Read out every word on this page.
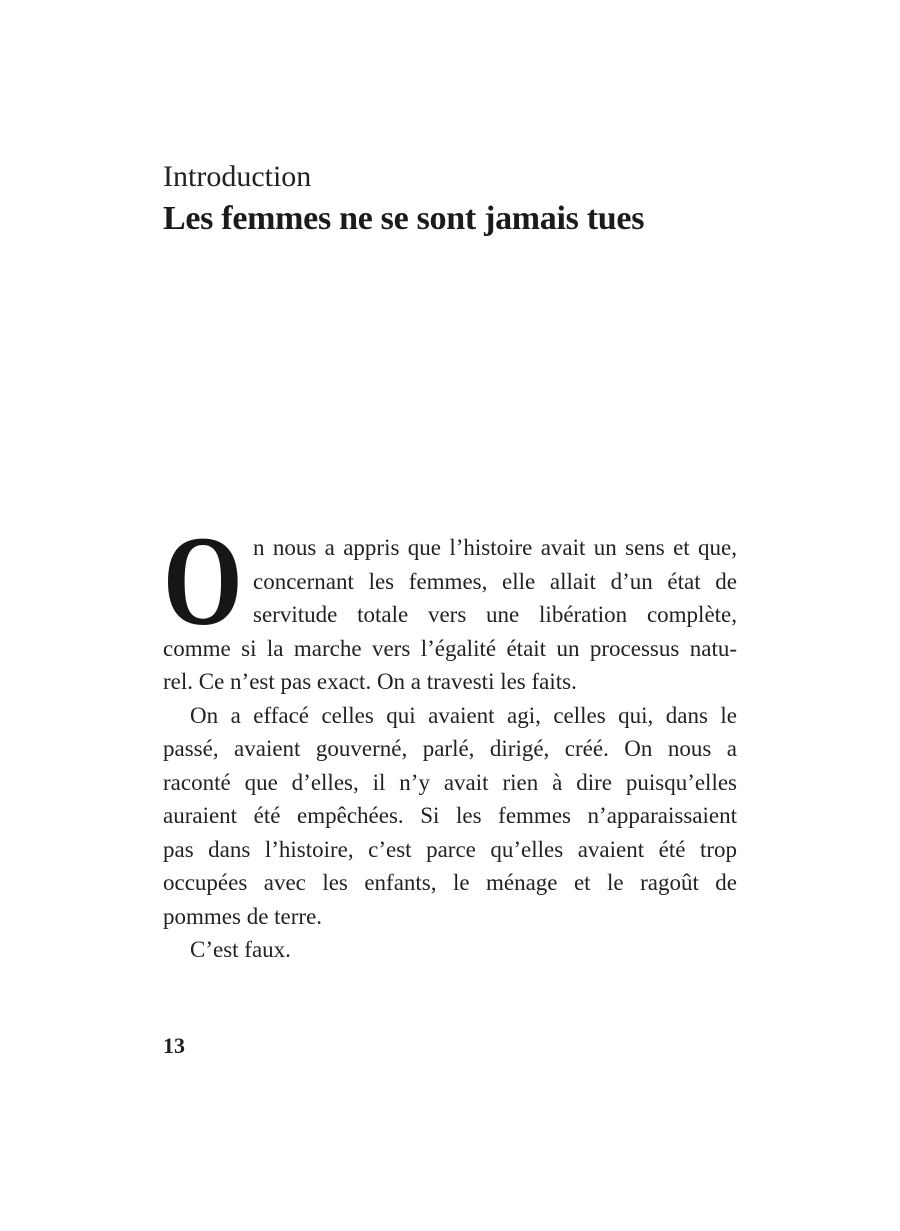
Introduction
Les femmes ne se sont jamais tues
O n nous a appris que l’histoire avait un sens et que,
concernant les femmes, elle allait d’un état de
servitude totale vers une libération complète,
comme si la marche vers l’égalité était un processus natu-
rel. Ce n’est pas exact. On a travesti les faits.
On a effacé celles qui avaient agi, celles qui, dans le
passé, avaient gouverné, parlé, dirigé, créé. On nous a
raconté que d’elles, il n’y avait rien à dire puisqu’elles
auraient été empêchées. Si les femmes n’apparaissaient
pas dans l’histoire, c’est parce qu’elles avaient été trop
occupées avec les enfants, le ménage et le ragoût de
pommes de terre.
C’est faux.
13
